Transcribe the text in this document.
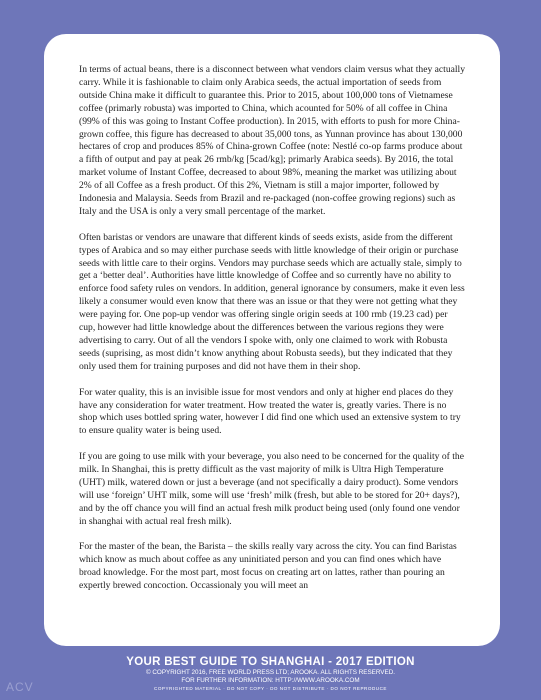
In terms of actual beans, there is a disconnect between what vendors claim versus what they actually carry. While it is fashionable to claim only Arabica seeds, the actual importation of seeds from outside China make it difficult to guarantee this. Prior to 2015, about 100,000 tons of Vietnamese coffee (primarly robusta) was imported to China, which acounted for 50% of all coffee in China (99% of this was going to Instant Coffee production). In 2015, with efforts to push for more China-grown coffee, this figure has decreased to about 35,000 tons, as Yunnan province has about 130,000 hectares of crop and produces 85% of China-grown Coffee (note: Nestlé co-op farms produce about a fifth of output and pay at peak 26 rmb/kg [5cad/kg]; primarly Arabica seeds). By 2016, the total market volume of Instant Coffee, decreased to about 98%, meaning the market was utilizing about 2% of all Coffee as a fresh product. Of this 2%, Vietnam is still a major importer, followed by Indonesia and Malaysia. Seeds from Brazil and re-packaged (non-coffee growing regions) such as Italy and the USA is only a very small percentage of the market.

Often baristas or vendors are unaware that different kinds of seeds exists, aside from the different types of Arabica and so may either purchase seeds with little knowledge of their origin or purchase seeds with little care to their orgins. Vendors may purchase seeds which are actually stale, simply to get a ‘better deal’. Authorities have little knowledge of Coffee and so currently have no ability to enforce food safety rules on vendors. In addition, general ignorance by consumers, make it even less likely a consumer would even know that there was an issue or that they were not getting what they were paying for. One pop-up vendor was offering single origin seeds at 100 rmb (19.23 cad) per cup, however had little knowledge about the differences between the various regions they were advertising to carry. Out of all the vendors I spoke with, only one claimed to work with Robusta seeds (suprising, as most didn’t know anything about Robusta seeds), but they indicated that they only used them for training purposes and did not have them in their shop.

For water quality, this is an invisible issue for most vendors and only at higher end places do they have any consideration for water treatment. How treated the water is, greatly varies. There is no shop which uses bottled spring water, however I did find one which used an extensive system to try to ensure quality water is being used.

If you are going to use milk with your beverage, you also need to be concerned for the quality of the milk. In Shanghai, this is pretty difficult as the vast majority of milk is Ultra High Temperature (UHT) milk, watered down or just a beverage (and not specifically a dairy product). Some vendors will use ‘foreign’ UHT milk, some will use ‘fresh’ milk (fresh, but able to be stored for 20+ days?), and by the off chance you will find an actual fresh milk product being used (only found one vendor in shanghai with actual real fresh milk).

For the master of the bean, the Barista – the skills really vary across the city. You can find Baristas which know as much about coffee as any uninitiated person and you can find ones which have broad knowledge. For the most part, most focus on creating art on lattes, rather than pouring an expertly brewed concoction. Occassionaly you will meet an

YOUR BEST GUIDE TO SHANGHAI - 2017 EDITION
© COPYRIGHT 2016, FREE WORLD PRESS LTD; AROOKA. ALL RIGHTS RESERVED.
FOR FURTHER INFORMATION: HTTP://WWW.AROOKA.COM
COPYRIGHTED MATERIAL · DO NOT COPY · DO NOT DISTRIBUTE · DO NOT REPRODUCE
ACV
